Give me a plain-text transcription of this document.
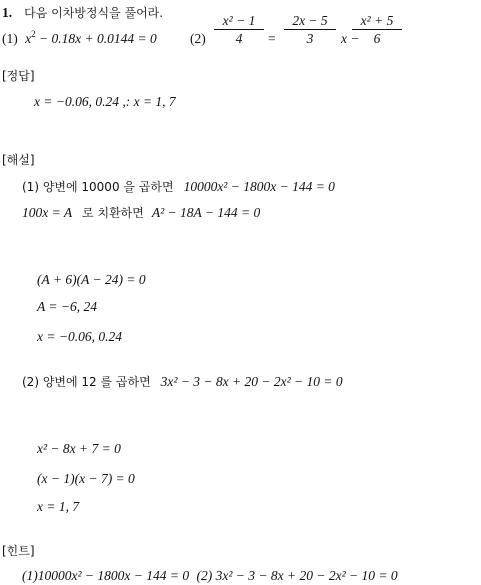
1. 다음 이차방정식을 풀어라.
(1) $x^2 - 0.18x + 0.0144 = 0$ (2)
x² − 1
4	=
2x − 5
3	x −
x² + 5
6
[정답]
x = −0.06, 0.24 ,: x = 1, 7
[해설]
(1) 양변에 10000 을 곱하면 10000x² − 1800x − 144 = 0
100x = A 로 치환하면 A² − 18A − 144 = 0
(A + 6)(A − 24) = 0
A = −6, 24
x = −0.06, 0.24
(2) 양변에 12 를 곱하면 3x² − 3 − 8x + 20 − 2x² − 10 = 0
x² − 8x + 7 = 0
(x − 1)(x − 7) = 0
x = 1, 7
[힌트]
(1)10000x² − 1800x − 144 = 0 (2) 3x² − 3 − 8x + 20 − 2x² − 10 = 0
